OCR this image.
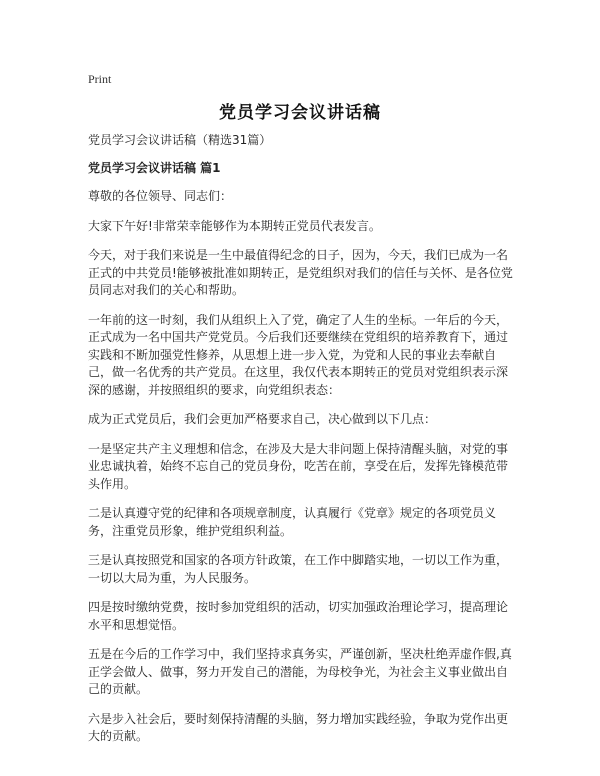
Print
党员学习会议讲话稿

党员学习会议讲话稿（精选31篇）

党员学习会议讲话稿 篇1

尊敬的各位领导、同志们：

大家下午好!非常荣幸能够作为本期转正党员代表发言。

今天，对于我们来说是一生中最值得纪念的日子，因为，今天，我们已成为一名正式的中共党员!能够被批准如期转正，是党组织对我们的信任与关怀、是各位党员同志对我们的关心和帮助。

一年前的这一时刻，我们从组织上入了党，确定了人生的坐标。一年后的今天，正式成为一名中国共产党党员。今后我们还要继续在党组织的培养教育下，通过实践和不断加强党性修养，从思想上进一步入党，为党和人民的事业去奉献自己，做一名优秀的共产党员。在这里，我仅代表本期转正的党员对党组织表示深深的感谢，并按照组织的要求，向党组织表态：

成为正式党员后，我们会更加严格要求自己，决心做到以下几点：

一是坚定共产主义理想和信念，在涉及大是大非问题上保持清醒头脑，对党的事业忠诚执着，始终不忘自己的党员身份，吃苦在前，享受在后，发挥先锋模范带头作用。

二是认真遵守党的纪律和各项规章制度，认真履行《党章》规定的各项党员义务，注重党员形象，维护党组织利益。

三是认真按照党和国家的各项方针政策，在工作中脚踏实地，一切以工作为重，一切以大局为重，为人民服务。

四是按时缴纳党费，按时参加党组织的活动，切实加强政治理论学习，提高理论水平和思想觉悟。

五是在今后的工作学习中，我们坚持求真务实，严谨创新，坚决杜绝弄虚作假,真正学会做人、做事，努力开发自己的潜能，为母校争光，为社会主义事业做出自己的贡献。

六是步入社会后，要时刻保持清醒的头脑，努力增加实践经验，争取为党作出更大的贡献。
